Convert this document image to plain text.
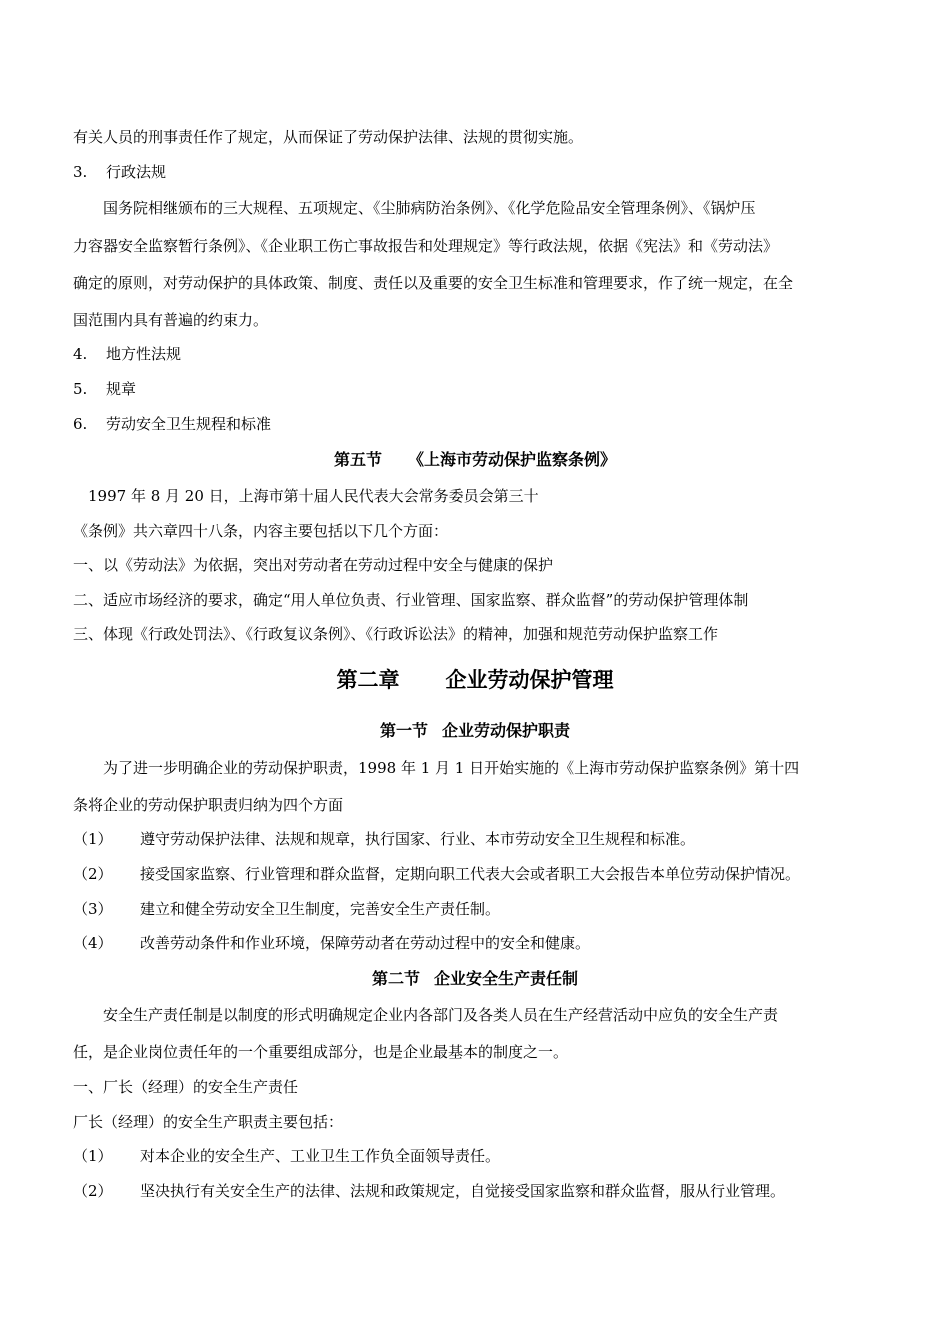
有关人员的刑事责任作了规定，从而保证了劳动保护法律、法规的贯彻实施。
3. 行政法规
国务院相继颁布的三大规程、五项规定、《尘肺病防治条例》、《化学危险品安全管理条例》、《锅炉压
力容器安全监察暂行条例》、《企业职工伤亡事故报告和处理规定》等行政法规，依据《宪法》和《劳动法》
确定的原则，对劳动保护的具体政策、制度、责任以及重要的安全卫生标准和管理要求，作了统一规定，在全
国范围内具有普遍的约束力。
4. 地方性法规
5. 规章
6. 劳动安全卫生规程和标准
第五节 《上海市劳动保护监察条例》
1997 年 8 月 20 日，上海市第十届人民代表大会常务委员会第三十
《条例》共六章四十八条，内容主要包括以下几个方面：
一、以《劳动法》为依据，突出对劳动者在劳动过程中安全与健康的保护
二、适应市场经济的要求，确定“用人单位负责、行业管理、国家监察、群众监督”的劳动保护管理体制
三、体现《行政处罚法》、《行政复议条例》、《行政诉讼法》的精神，加强和规范劳动保护监察工作
第二章 企业劳动保护管理
第一节 企业劳动保护职责
为了进一步明确企业的劳动保护职责，1998 年 1 月 1 日开始实施的《上海市劳动保护监察条例》第十四
条将企业的劳动保护职责归纳为四个方面
（1） 遵守劳动保护法律、法规和规章，执行国家、行业、本市劳动安全卫生规程和标准。
（2） 接受国家监察、行业管理和群众监督，定期向职工代表大会或者职工大会报告本单位劳动保护情况。
（3） 建立和健全劳动安全卫生制度，完善安全生产责任制。
（4） 改善劳动条件和作业环境，保障劳动者在劳动过程中的安全和健康。
第二节 企业安全生产责任制
安全生产责任制是以制度的形式明确规定企业内各部门及各类人员在生产经营活动中应负的安全生产责
任，是企业岗位责任年的一个重要组成部分，也是企业最基本的制度之一。
一、厂长（经理）的安全生产责任
厂长（经理）的安全生产职责主要包括：
（1） 对本企业的安全生产、工业卫生工作负全面领导责任。
（2） 坚决执行有关安全生产的法律、法规和政策规定，自觉接受国家监察和群众监督，服从行业管理。
